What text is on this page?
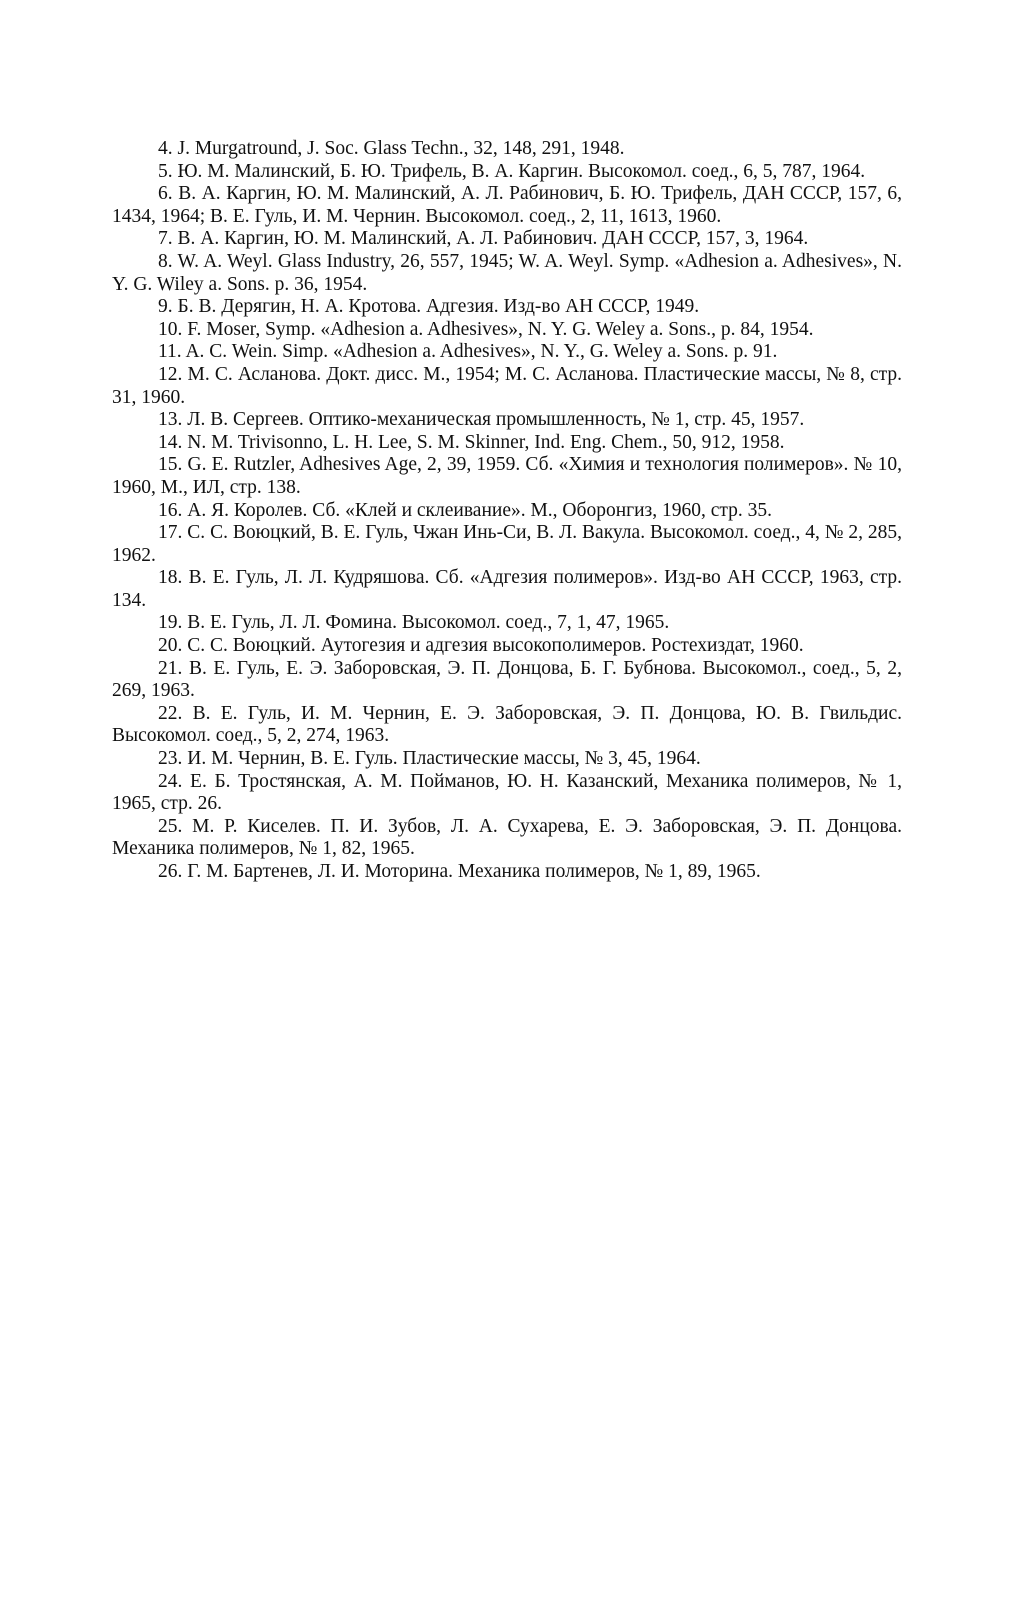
4. J. Murgatround, J. Soc. Glass Techn., 32, 148, 291, 1948.

5. Ю. М. Малинский, Б. Ю. Трифель, В. А. Каргин. Высокомол. соед., 6, 5, 787, 1964.

6. В. А. Каргин, Ю. М. Малинский, А. Л. Рабинович, Б. Ю. Трифель, ДАН СССР, 157, 6, 1434, 1964; В. Е. Гуль, И. М. Чернин. Высокомол. соед., 2, 11, 1613, 1960.

7. В. А. Каргин, Ю. М. Малинский, А. Л. Рабинович. ДАН СССР, 157, 3, 1964.

8. W. A. Weyl. Glass Industry, 26, 557, 1945; W. A. Weyl. Symp. «Adhesion a. Adhesives», N. Y. G. Wiley a. Sons. p. 36, 1954.

9. Б. В. Дерягин, Н. А. Кротова. Адгезия. Изд-во АН СССР, 1949.

10. F. Moser, Symp. «Adhesion a. Adhesives», N. Y. G. Weley a. Sons., p. 84, 1954.

11. A. C. Wein. Simp. «Adhesion a. Adhesives», N. Y., G. Weley a. Sons. p. 91.

12. М. С. Асланова. Докт. дисс. М., 1954; М. С. Асланова. Пластические массы, № 8, стр. 31, 1960.

13. Л. В. Сергеев. Оптико-механическая промышленность, № 1, стр. 45, 1957.

14. N. M. Trivisonno, L. H. Lee, S. M. Skinner, Ind. Eng. Chem., 50, 912, 1958.

15. G. E. Rutzler, Adhesives Age, 2, 39, 1959. Сб. «Химия и технология полимеров». № 10, 1960, М., ИЛ, стр. 138.

16. А. Я. Королев. Сб. «Клей и склеивание». М., Оборонгиз, 1960, стр. 35.

17. С. С. Воюцкий, В. Е. Гуль, Чжан Инь-Си, В. Л. Вакула. Высокомол. соед., 4, № 2, 285, 1962.

18. В. Е. Гуль, Л. Л. Кудряшова. Сб. «Адгезия полимеров». Изд-во АН СССР, 1963, стр. 134.

19. В. Е. Гуль, Л. Л. Фомина. Высокомол. соед., 7, 1, 47, 1965.

20. С. С. Воюцкий. Аутогезия и адгезия высокополимеров. Ростехиздат, 1960.

21. В. Е. Гуль, Е. Э. Заборовская, Э. П. Донцова, Б. Г. Бубнова. Высокомол., соед., 5, 2, 269, 1963.

22. В. Е. Гуль, И. М. Чернин, Е. Э. Заборовская, Э. П. Донцова, Ю. В. Гвильдис. Высокомол. соед., 5, 2, 274, 1963.

23. И. М. Чернин, В. Е. Гуль. Пластические массы, № 3, 45, 1964.

24. Е. Б. Тростянская, А. М. Пойманов, Ю. Н. Казанский, Механика полимеров, № 1, 1965, стр. 26.

25. М. Р. Киселев. П. И. Зубов, Л. А. Сухарева, Е. Э. Заборовская, Э. П. Донцова. Механика полимеров, № 1, 82, 1965.

26. Г. М. Бартенев, Л. И. Моторина. Механика полимеров, № 1, 89, 1965.
